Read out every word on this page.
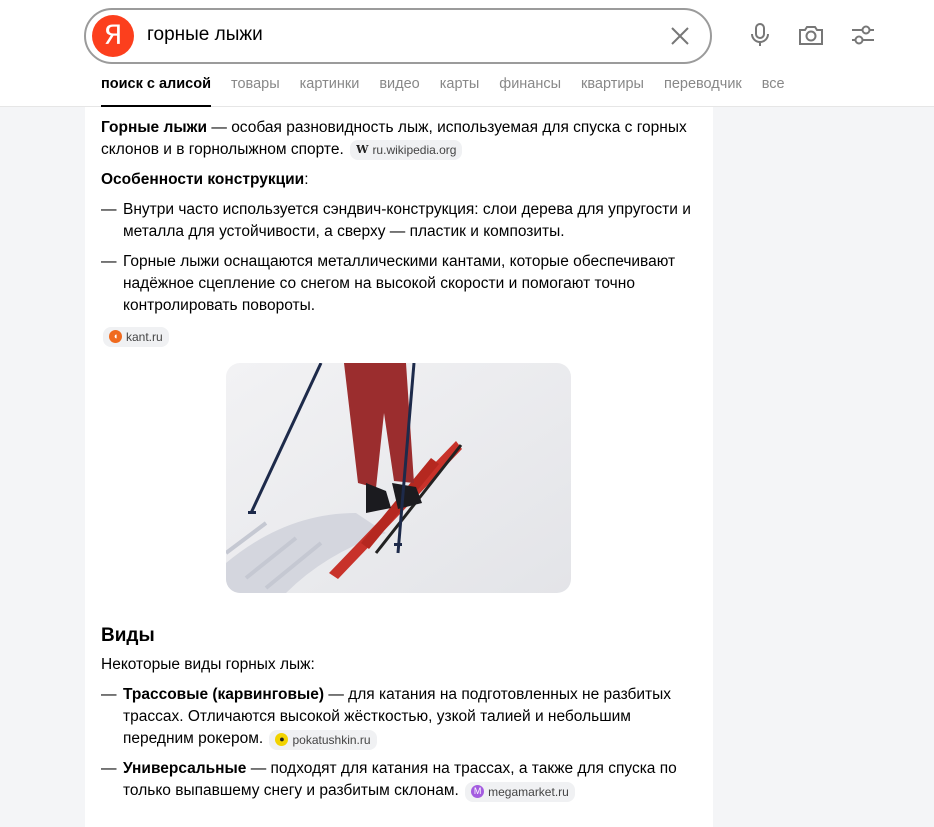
Я	горные лыжи
поиск с алисой товары картинки видео карты финансы квартиры переводчик все

Горные лыжи — особая разновидность лыж, используемая для спуска с горных склонов и в горнолыжном спорте. W ru.wikipedia.org

Особенности конструкции:

— Внутри часто используется сэндвич-конструкция: слои дерева для упругости и металла для устойчивости, а сверху — пластик и композиты.
— Горные лыжи оснащаются металлическими кантами, которые обеспечивают надёжное сцепление со снегом на высокой скорости и помогают точно контролировать повороты.
◖ kant.ru
Виды

Некоторые виды горных лыж:

— Трассовые (карвинговые) — для катания на подготовленных не разбитых трассах. Отличаются высокой жёсткостью, узкой талией и небольшим передним рокером.	● pokatushkin.ru
— Универсальные — подходят для катания на трассах, а также для спуска по только выпавшему снегу и разбитым склонам.	M megamarket.ru
